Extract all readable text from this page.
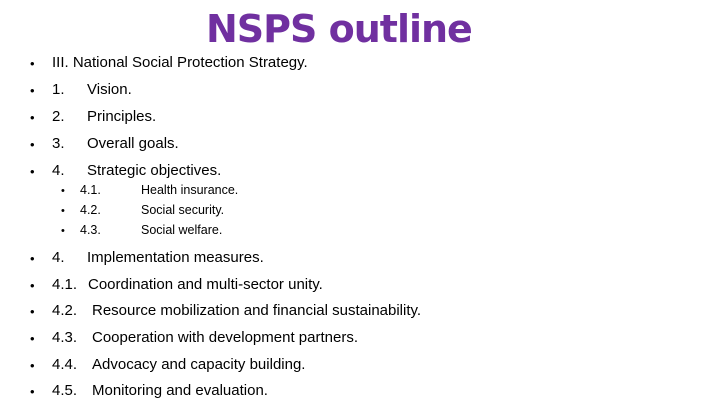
NSPS outline
• III. National Social Protection Strategy.
• 1. Vision.
• 2. Principles.
• 3. Overall goals.
• 4. Strategic objectives.
• 4.1.	Health insurance.
• 4.2.	Social security.
• 4.3.	Social welfare.
• 4. Implementation measures.
• 4.1. Coordination and multi-sector unity.
• 4.2. Resource mobilization and financial sustainability.
• 4.3. Cooperation with development partners.
• 4.4. Advocacy and capacity building.
• 4.5. Monitoring and evaluation.
